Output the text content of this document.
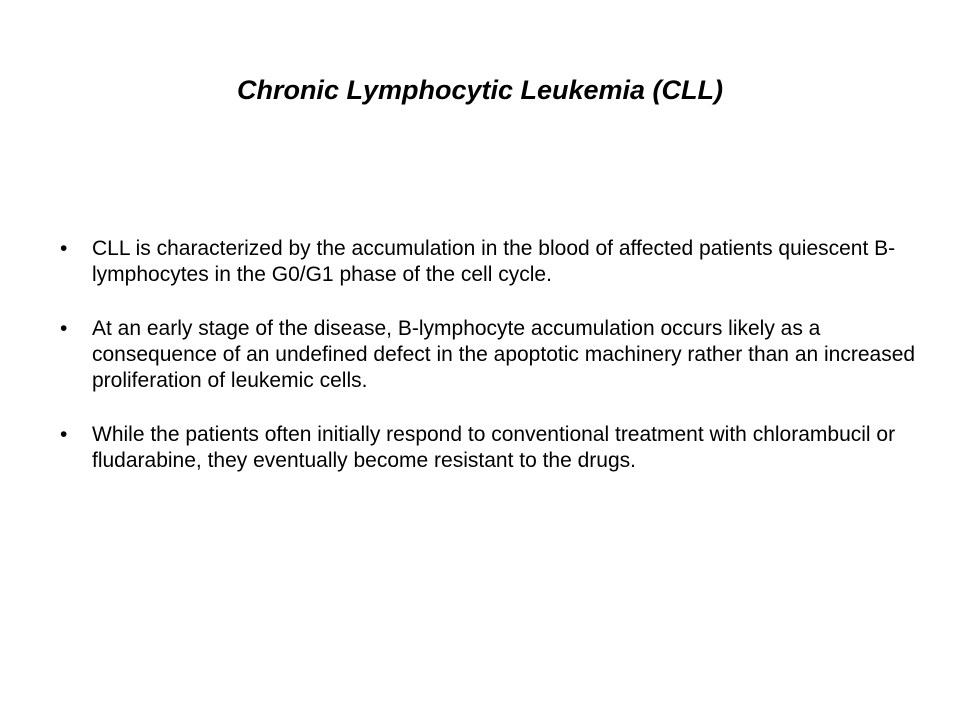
Chronic Lymphocytic Leukemia (CLL)
• CLL is characterized by the accumulation in the blood of affected patients quiescent B-lymphocytes in the G0/G1 phase of the cell cycle.
• At an early stage of the disease, B-lymphocyte accumulation occurs likely as a consequence of an undefined defect in the apoptotic machinery rather than an increased proliferation of leukemic cells.
• While the patients often initially respond to conventional treatment with chlorambucil or fludarabine, they eventually become resistant to the drugs.
